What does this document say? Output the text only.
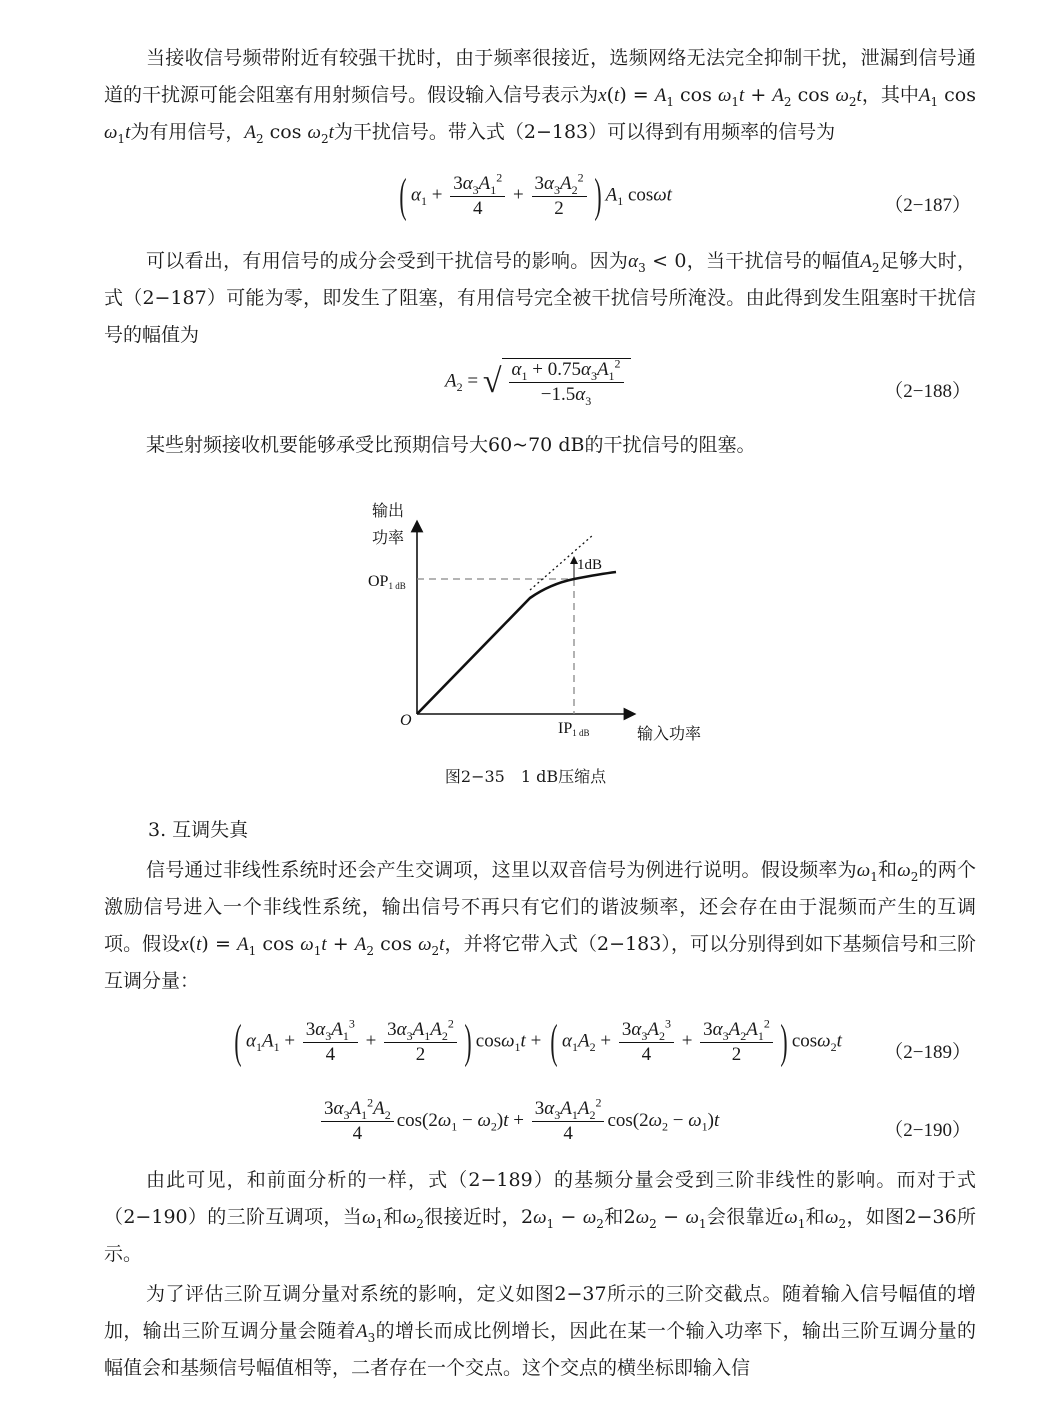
当接收信号频带附近有较强干扰时，由于频率很接近，选频网络无法完全抑制干扰，泄漏到信号通道的干扰源可能会阻塞有用射频信号。假设输入信号表示为$x(t) = A_1$ $\cos \omega_1t + A_2$ $\cos \omega_2t$，其中$A_1$ $\cos \omega_1t$为有用信号，$A_2$ $\cos \omega_2t$为干扰信号。带入式（2−183）可以得到有用频率的信号为

( $\alpha_1 + \frac{3\alpha_3A_1^2}{4} + \frac{3\alpha_3A_2^2}{2}$ ) $A_1$ cosωt
（2−187）

可以看出，有用信号的成分会受到干扰信号的影响。因为$\alpha_3 < 0$，当干扰信号的幅值$A_2$足够大时，式（2−187）可能为零，即发生了阻塞，有用信号完全被干扰信号所淹没。由此得到发生阻塞时干扰信号的幅值为

$A_2$ = √ $\frac{\alpha_1 + 0.75\alpha_3A_1^2}{-1.5\alpha_3}$	（2−188）

某些射频接收机要能够承受比预期信号大60~70 dB的干扰信号的阻塞。

1dB
输出
功率
OP1 dB
O	IP1 dB	输入功率
图2−35　1 dB压缩点
3. 互调失真

信号通过非线性系统时还会产生交调项，这里以双音信号为例进行说明。假设频率为$\omega_1$和$\omega_2$的两个激励信号进入一个非线性系统，输出信号不再只有它们的谐波频率，还会存在由于混频而产生的互调项。假设$x(t) = A_1$ $\cos \omega_1t + A_2$ $\cos \omega_2t$，并将它带入式（2−183），可以分别得到如下基频信号和三阶互调分量：

( $\alpha_1A_1 + \frac{3\alpha_3A_1^3}{4} + \frac{3\alpha_3A_1A_2^2}{2}$ ) cosω$_1$t + ( $\alpha_1A_2 + \frac{3\alpha_3A_2^3}{4} + \frac{3\alpha_3A_2A_1^2}{2}$ ) cosω$_2$t
（2−189）
$\frac{3\alpha_3A_1^2A_2}{4} \cos(2\omega_1 - \omega_2)t + \frac{3\alpha_3A_1A_2^2}{4} \cos(2\omega_2 - \omega_1)t$	（2−190）

由此可见，和前面分析的一样，式（2−189）的基频分量会受到三阶非线性的影响。而对于式（2−190）的三阶互调项，当$\omega_1$和$\omega_2$很接近时，$2\omega_1 - \omega_2$和$2\omega_2 - \omega_1$会很靠近$\omega_1$和$\omega_2$，如图2−36所示。

为了评估三阶互调分量对系统的影响，定义如图2−37所示的三阶交截点。随着输入信号幅值的增加，输出三阶互调分量会随着$A_3$的增长而成比例增长，因此在某一个输入功率下，输出三阶互调分量的幅值会和基频信号幅值相等，二者存在一个交点。这个交点的横坐标即输入信
